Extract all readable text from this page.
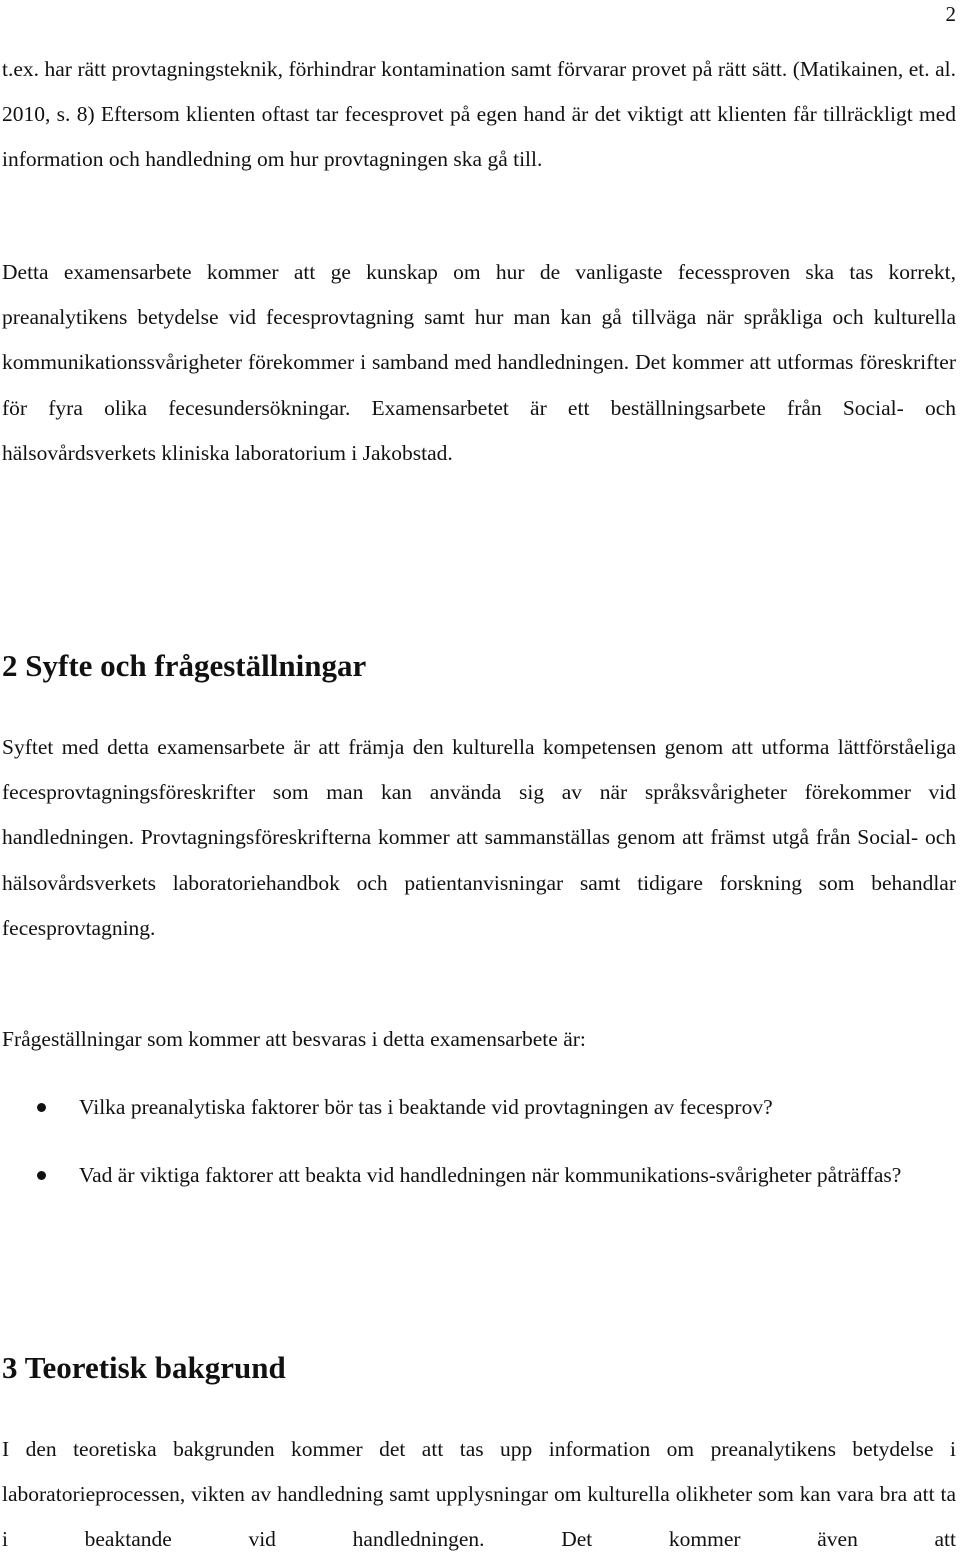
2

t.ex. har rätt provtagningsteknik, förhindrar kontamination samt förvarar provet på rätt sätt. (Matikainen, et. al. 2010, s. 8) Eftersom klienten oftast tar fecesprovet på egen hand är det viktigt att klienten får tillräckligt med information och handledning om hur provtagningen ska gå till.

Detta examensarbete kommer att ge kunskap om hur de vanligaste fecessproven ska tas korrekt, preanalytikens betydelse vid fecesprovtagning samt hur man kan gå tillväga när språkliga och kulturella kommunikationssvårigheter förekommer i samband med handledningen. Det kommer att utformas föreskrifter för fyra olika fecesundersökningar. Examensarbetet är ett beställningsarbete från Social- och hälsovårdsverkets kliniska laboratorium i Jakobstad.

2 Syfte och frågeställningar

Syftet med detta examensarbete är att främja den kulturella kompetensen genom att utforma lättförståeliga fecesprovtagningsföreskrifter som man kan använda sig av när språksvårigheter förekommer vid handledningen. Provtagningsföreskrifterna kommer att sammanställas genom att främst utgå från Social- och hälsovårdsverkets laboratoriehandbok och patientanvisningar samt tidigare forskning som behandlar fecesprovtagning.

Frågeställningar som kommer att besvaras i detta examensarbete är:

Vilka preanalytiska faktorer bör tas i beaktande vid provtagningen av fecesprov?
Vad är viktiga faktorer att beakta vid handledningen när kommunikations-svårigheter påträffas?
3 Teoretisk bakgrund

I den teoretiska bakgrunden kommer det att tas upp information om preanalytikens betydelse i laboratorieprocessen, vikten av handledning samt upplysningar om kulturella olikheter som kan vara bra att ta i beaktande vid handledningen. Det kommer även att
